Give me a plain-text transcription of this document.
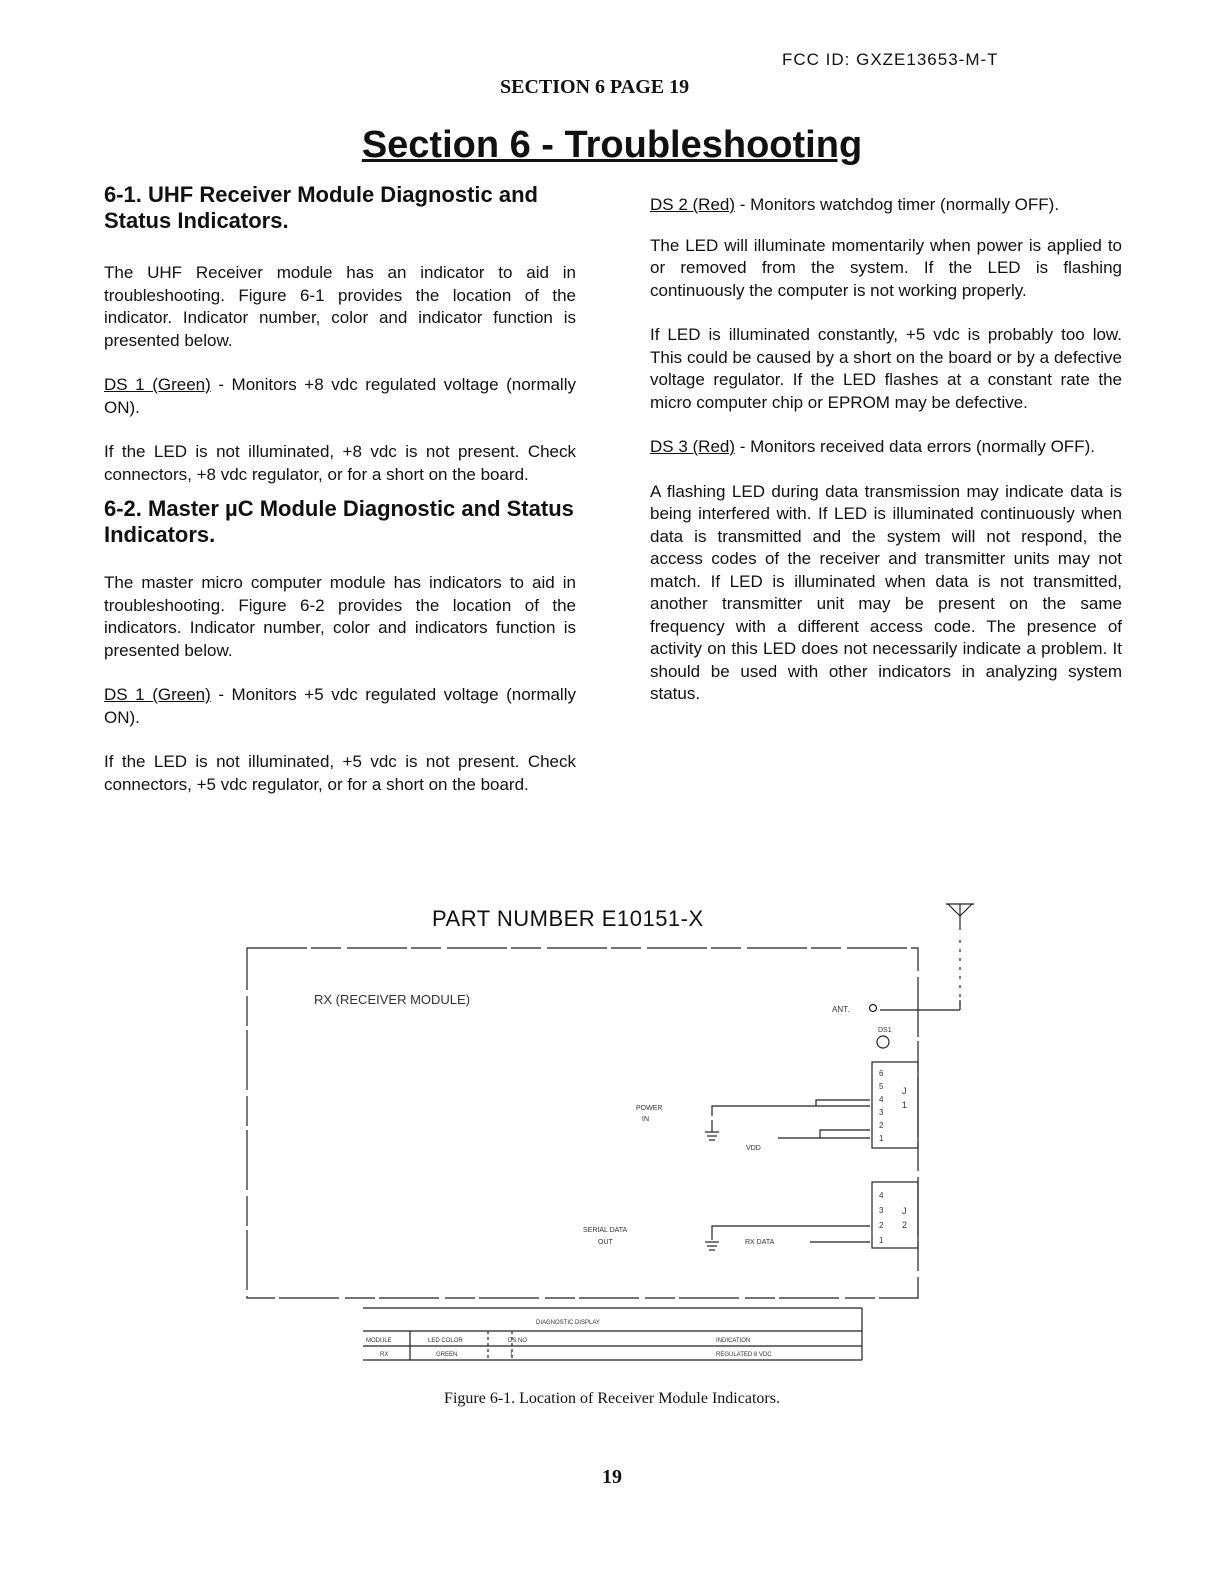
FCC ID: GXZE13653-M-T
SECTION 6 PAGE 19
Section 6 - Troubleshooting
6-1. UHF Receiver Module Diagnostic and Status Indicators.

The UHF Receiver module has an indicator to aid in troubleshooting. Figure 6-1 provides the location of the indicator. Indicator number, color and indicator function is presented below.

DS 1 (Green) - Monitors +8 vdc regulated voltage (normally ON).

If the LED is not illuminated, +8 vdc is not present. Check connectors, +8 vdc regulator, or for a short on the board.

6-2. Master µC Module Diagnostic and Status Indicators.

The master micro computer module has indicators to aid in troubleshooting. Figure 6-2 provides the location of the indicators. Indicator number, color and indicators function is presented below.

DS 1 (Green) - Monitors +5 vdc regulated voltage (normally ON).

If the LED is not illuminated, +5 vdc is not present. Check connectors, +5 vdc regulator, or for a short on the board.

DS 2 (Red) - Monitors watchdog timer (normally OFF).

The LED will illuminate momentarily when power is applied to or removed from the system. If the LED is flashing continuously the computer is not working properly.

If LED is illuminated constantly, +5 vdc is probably too low. This could be caused by a short on the board or by a defective voltage regulator. If the LED flashes at a constant rate the micro computer chip or EPROM may be defective.

DS 3 (Red) - Monitors received data errors (normally OFF).

A flashing LED during data transmission may indicate data is being interfered with. If LED is illuminated continuously when data is transmitted and the system will not respond, the access codes of the receiver and transmitter units may not match. If LED is illuminated when data is not transmitted, another transmitter unit may be present on the same frequency with a different access code. The presence of activity on this LED does not necessarily indicate a problem. It should be used with other indicators in analyzing system status.

PART NUMBER E10151-X
RX (RECEIVER MODULE)
ANT.
DS1
POWER
IN
VDD
SERIAL DATA
OUT	RX DATA
6
5
4
3
2
1
J
1
4
3
2
1
J
2
DIAGNOSTIC DISPLAY
MODULE	LED COLOR	DS NO	INDICATION
RX	GREEN	1	REGULATED 8 VDC
Figure 6-1. Location of Receiver Module Indicators.
19
